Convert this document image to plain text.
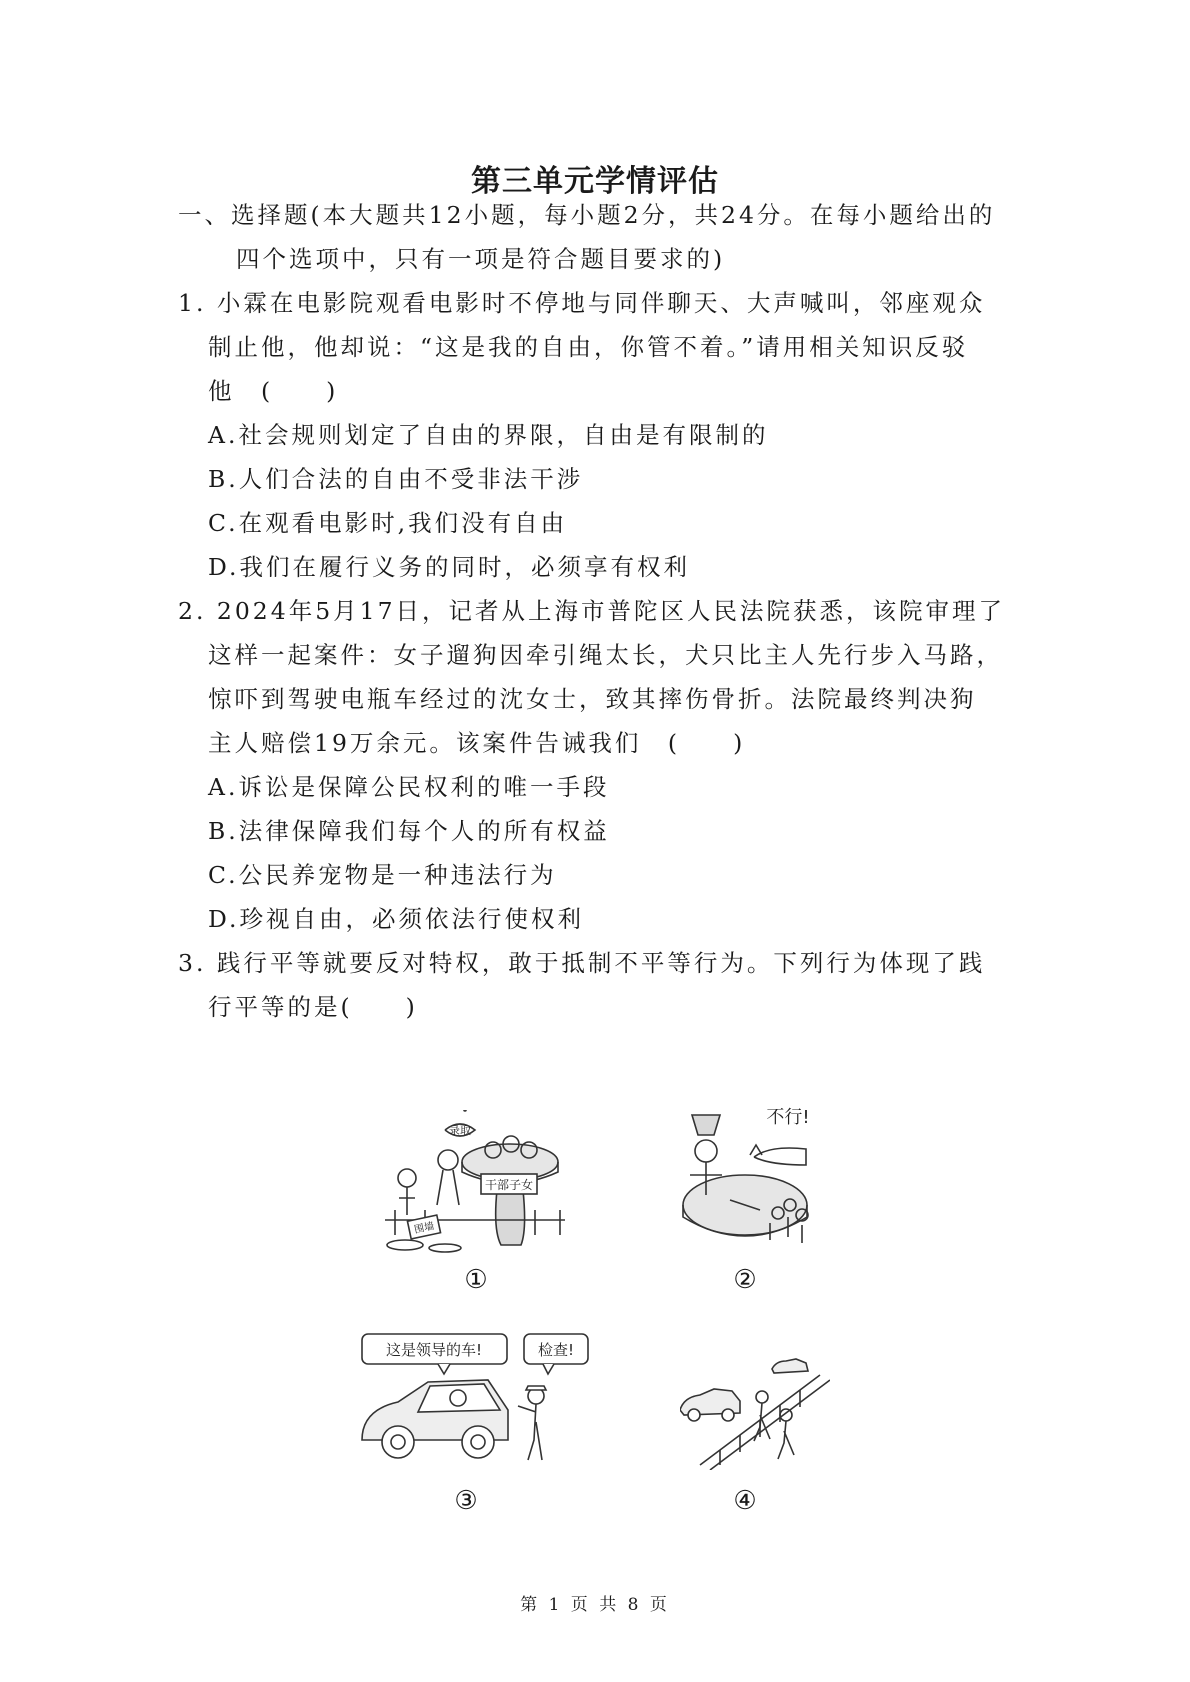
第三单元学情评估
一、选择题(本大题共12小题，每小题2分，共24分。在每小题给出的
四个选项中，只有一项是符合题目要求的)
1. 小霖在电影院观看电影时不停地与同伴聊天、大声喊叫，邻座观众
制止他，他却说：“这是我的自由，你管不着。”请用相关知识反驳
他　(　　)
A.社会规则划定了自由的界限，自由是有限制的
B.人们合法的自由不受非法干涉
C.在观看电影时,我们没有自由
D.我们在履行义务的同时，必须享有权利
2. 2024年5月17日，记者从上海市普陀区人民法院获悉，该院审理了
这样一起案件：女子遛狗因牵引绳太长，犬只比主人先行步入马路，
惊吓到驾驶电瓶车经过的沈女士，致其摔伤骨折。法院最终判决狗
主人赔偿19万余元。该案件告诫我们　(　　)
A.诉讼是保障公民权利的唯一手段
B.法律保障我们每个人的所有权益
C.公民养宠物是一种违法行为
D.珍视自由，必须依法行使权利
3. 践行平等就要反对特权，敢于抵制不平等行为。下列行为体现了践
行平等的是(　　)
录取
干部子女
围墙
①
不行!
②
这是领导的车!	检查!
③	④
第 1 页 共 8 页
